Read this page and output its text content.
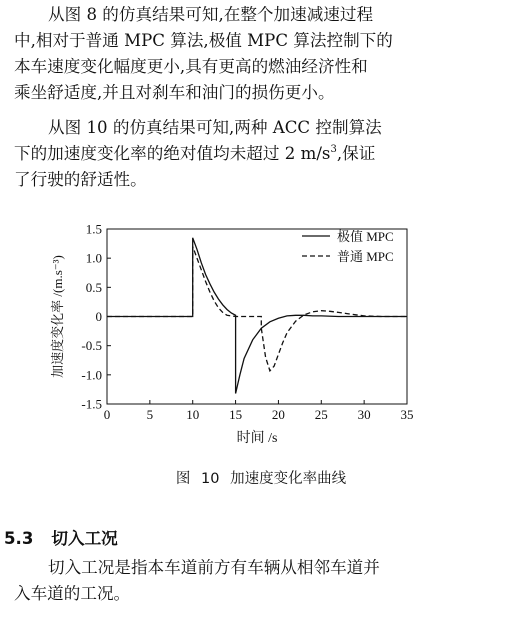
从图 8 的仿真结果可知,在整个加速减速过程
中,相对于普通 MPC 算法,极值 MPC 算法控制下的
本车速度变化幅度更小,具有更高的燃油经济性和
乘坐舒适度,并且对刹车和油门的损伤更小。

从图 10 的仿真结果可知,两种 ACC 控制算法
下的加速度变化率的绝对值均未超过 2 $m/s^3$,保证
了行驶的舒适性。

0	5	10 15 20 25 30 35
1.5
1.0
0.5
0
-0.5
-1.0
-1.5
极值 MPC
普通 MPC
时间 /s
加速度变化率 /(m.s⁻³)
图 10 加速度变化率曲线
5.3 切入工况

切入工况是指本车道前方有车辆从相邻车道并
入车道的工况。
